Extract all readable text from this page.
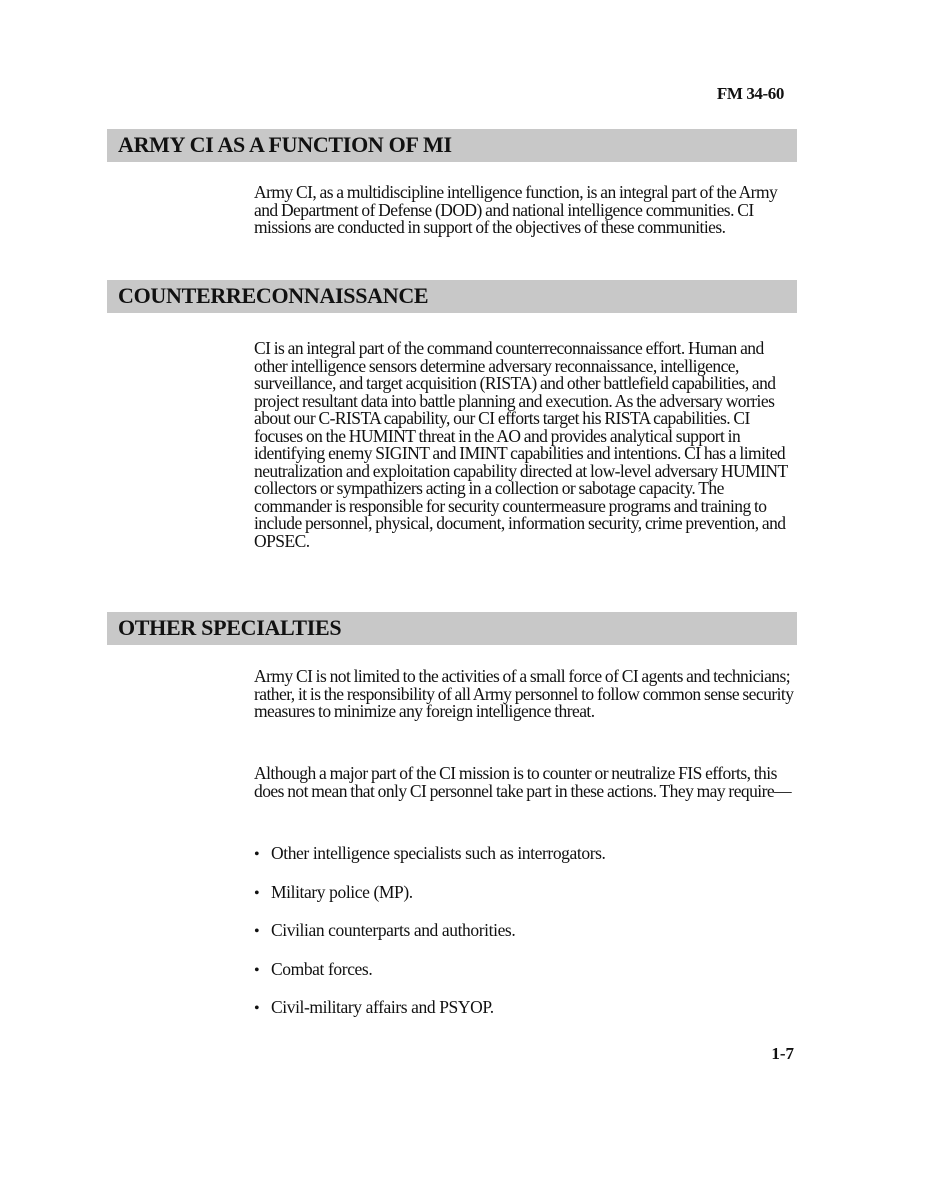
FM 34-60
ARMY CI AS A FUNCTION OF MI

Army CI, as a multidiscipline intelligence function, is an integral part of the Army and Department of Defense (DOD) and national intelligence communities. CI missions are conducted in support of the objectives of these communities.

COUNTERRECONNAISSANCE

CI is an integral part of the command counterreconnaissance effort. Human and other intelligence sensors determine adversary reconnaissance, intelligence, surveillance, and target acquisition (RISTA) and other battlefield capabilities, and project resultant data into battle planning and execution. As the adversary worries about our C-RISTA capability, our CI efforts target his RISTA capabilities. CI focuses on the HUMINT threat in the AO and provides analytical support in identifying enemy SIGINT and IMINT capabilities and intentions. CI has a limited neutralization and exploitation capability directed at low-level adversary HUMINT collectors or sympathizers acting in a collection or sabotage capacity. The commander is responsible for security countermeasure programs and training to include personnel, physical, document, information security, crime prevention, and OPSEC.

OTHER SPECIALTIES

Army CI is not limited to the activities of a small force of CI agents and technicians; rather, it is the responsibility of all Army personnel to follow common sense security measures to minimize any foreign intelligence threat.

Although a major part of the CI mission is to counter or neutralize FIS efforts, this does not mean that only CI personnel take part in these actions. They may require—

• Other intelligence specialists such as interrogators.
• Military police (MP).
• Civilian counterparts and authorities.
• Combat forces.
• Civil-military affairs and PSYOP.
1-7
